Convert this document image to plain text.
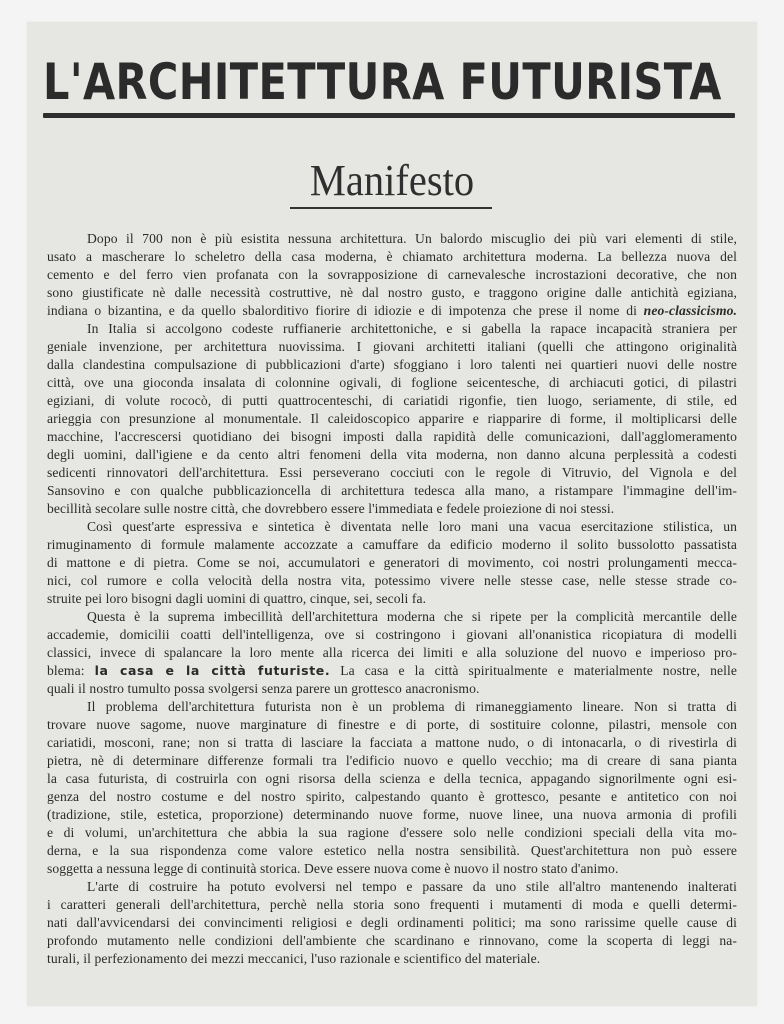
L'ARCHITETTURA FUTURISTA
Manifesto

Dopo il 700 non è più esistita nessuna architettura. Un balordo miscuglio dei più vari elementi di stile,
usato a mascherare lo scheletro della casa moderna, è chiamato architettura moderna. La bellezza nuova del
cemento e del ferro vien profanata con la sovrapposizione di carnevalesche incrostazioni decorative, che non
sono giustificate nè dalle necessità costruttive, nè dal nostro gusto, e traggono origine dalle antichità egiziana,
indiana o bizantina, e da quello sbalorditivo fiorire di idiozie e di impotenza che prese il nome di neo-classicismo.

In Italia si accolgono codeste ruffianerie architettoniche, e si gabella la rapace incapacità straniera per
geniale invenzione, per architettura nuovissima. I giovani architetti italiani (quelli che attingono originalità
dalla clandestina compulsazione di pubblicazioni d'arte) sfoggiano i loro talenti nei quartieri nuovi delle nostre
città, ove una gioconda insalata di colonnine ogivali, di foglione seicentesche, di archiacuti gotici, di pilastri
egiziani, di volute rococò, di putti quattrocenteschi, di cariatidi rigonfie, tien luogo, seriamente, di stile, ed
arieggia con presunzione al monumentale. Il caleidoscopico apparire e riapparire di forme, il moltiplicarsi delle
macchine, l'accrescersi quotidiano dei bisogni imposti dalla rapidità delle comunicazioni, dall'agglomeramento
degli uomini, dall'igiene e da cento altri fenomeni della vita moderna, non danno alcuna perplessità a codesti
sedicenti rinnovatori dell'architettura. Essi perseverano cocciuti con le regole di Vitruvio, del Vignola e del
Sansovino e con qualche pubblicazioncella di architettura tedesca alla mano, a ristampare l'immagine dell'im-
becillità secolare sulle nostre città, che dovrebbero essere l'immediata e fedele proiezione di noi stessi.

Così quest'arte espressiva e sintetica è diventata nelle loro mani una vacua esercitazione stilistica, un
rimuginamento di formule malamente accozzate a camuffare da edificio moderno il solito bussolotto passatista
di mattone e di pietra. Come se noi, accumulatori e generatori di movimento, coi nostri prolungamenti mecca-
nici, col rumore e colla velocità della nostra vita, potessimo vivere nelle stesse case, nelle stesse strade co-
struite pei loro bisogni dagli uomini di quattro, cinque, sei, secoli fa.

Questa è la suprema imbecillità dell'architettura moderna che si ripete per la complicità mercantile delle
accademie, domicilii coatti dell'intelligenza, ove si costringono i giovani all'onanistica ricopiatura di modelli
classici, invece di spalancare la loro mente alla ricerca dei limiti e alla soluzione del nuovo e imperioso pro-
blema: la casa e la città futuriste. La casa e la città spiritualmente e materialmente nostre, nelle
quali il nostro tumulto possa svolgersi senza parere un grottesco anacronismo.

Il problema dell'architettura futurista non è un problema di rimaneggiamento lineare. Non si tratta di
trovare nuove sagome, nuove marginature di finestre e di porte, di sostituire colonne, pilastri, mensole con
cariatidi, mosconi, rane; non si tratta di lasciare la facciata a mattone nudo, o di intonacarla, o di rivestirla di
pietra, nè di determinare differenze formali tra l'edificio nuovo e quello vecchio; ma di creare di sana pianta
la casa futurista, di costruirla con ogni risorsa della scienza e della tecnica, appagando signorilmente ogni esi-
genza del nostro costume e del nostro spirito, calpestando quanto è grottesco, pesante e antitetico con noi
(tradizione, stile, estetica, proporzione) determinando nuove forme, nuove linee, una nuova armonia di profili
e di volumi, un'architettura che abbia la sua ragione d'essere solo nelle condizioni speciali della vita mo-
derna, e la sua rispondenza come valore estetico nella nostra sensibilità. Quest'architettura non può essere
soggetta a nessuna legge di continuità storica. Deve essere nuova come è nuovo il nostro stato d'animo.

L'arte di costruire ha potuto evolversi nel tempo e passare da uno stile all'altro mantenendo inalterati
i caratteri generali dell'architettura, perchè nella storia sono frequenti i mutamenti di moda e quelli determi-
nati dall'avvicendarsi dei convincimenti religiosi e degli ordinamenti politici; ma sono rarissime quelle cause di
profondo mutamento nelle condizioni dell'ambiente che scardinano e rinnovano, come la scoperta di leggi na-
turali, il perfezionamento dei mezzi meccanici, l'uso razionale e scientifico del materiale.
